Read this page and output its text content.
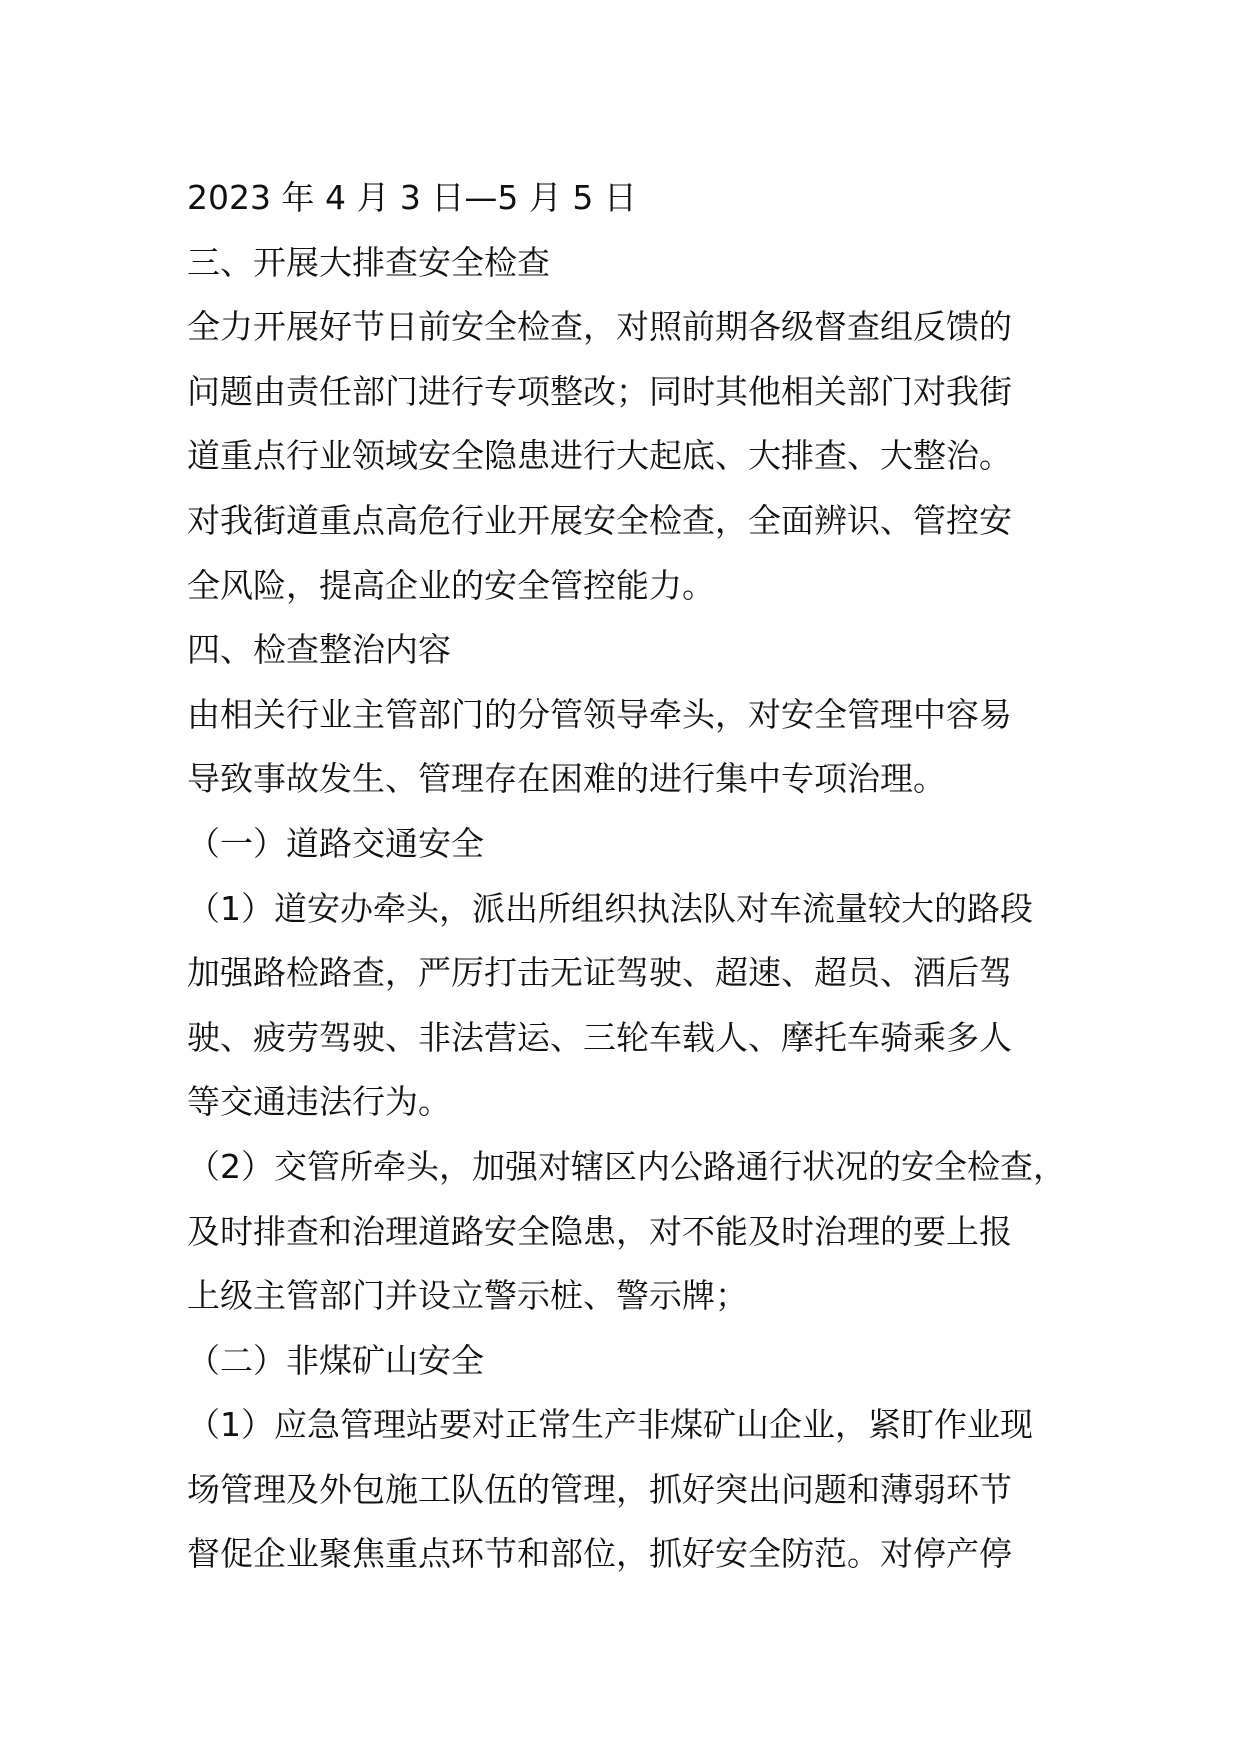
2023 年 4 月 3 日—5 月 5 日

三、开展大排查安全检查

全力开展好节日前安全检查，对照前期各级督查组反馈的

问题由责任部门进行专项整改；同时其他相关部门对我街

道重点行业领域安全隐患进行大起底、大排查、大整治。

对我街道重点高危行业开展安全检查，全面辨识、管控安

全风险，提高企业的安全管控能力。

四、检查整治内容

由相关行业主管部门的分管领导牵头，对安全管理中容易

导致事故发生、管理存在困难的进行集中专项治理。

（一）道路交通安全

（1）道安办牵头，派出所组织执法队对车流量较大的路段

加强路检路查，严厉打击无证驾驶、超速、超员、酒后驾

驶、疲劳驾驶、非法营运、三轮车载人、摩托车骑乘多人

等交通违法行为。

（2）交管所牵头，加强对辖区内公路通行状况的安全检查，

及时排查和治理道路安全隐患，对不能及时治理的要上报

上级主管部门并设立警示桩、警示牌；

（二）非煤矿山安全

（1）应急管理站要对正常生产非煤矿山企业，紧盯作业现

场管理及外包施工队伍的管理，抓好突出问题和薄弱环节

督促企业聚焦重点环节和部位，抓好安全防范。对停产停
